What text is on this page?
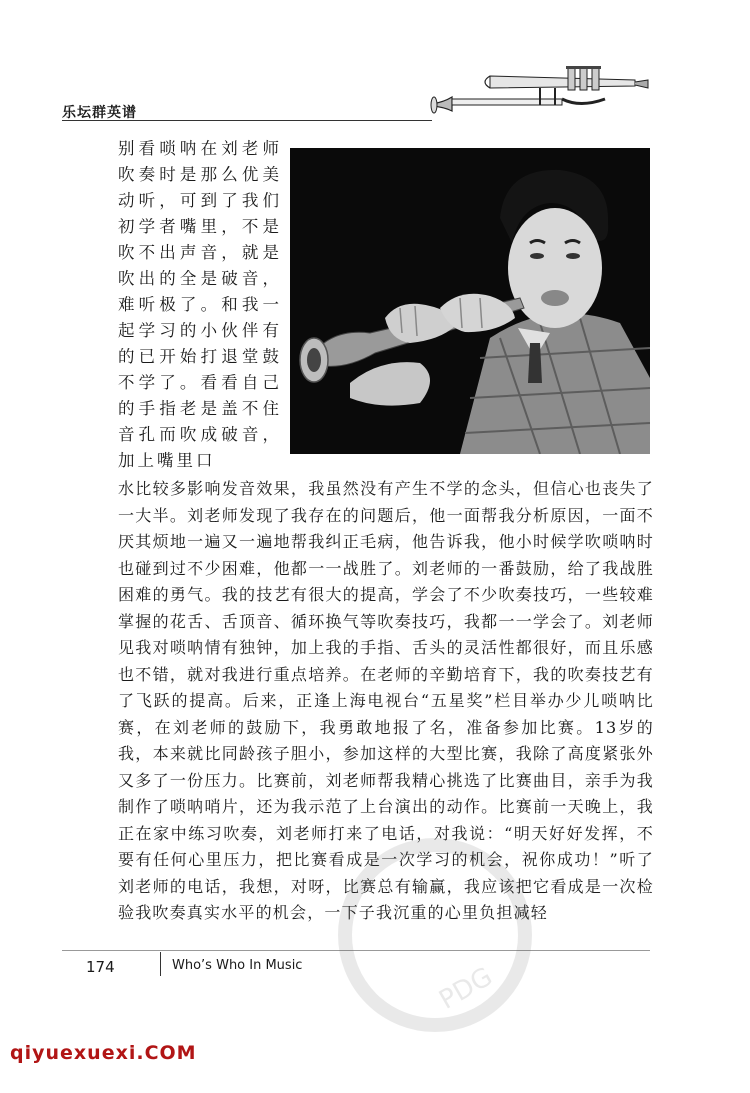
乐坛群英谱

别看唢呐在刘老师吹奏时是那么优美动听，可到了我们初学者嘴里，不是吹不出声音，就是吹出的全是破音，难听极了。和我一起学习的小伙伴有的已开始打退堂鼓不学了。看看自己的手指老是盖不住音孔而吹成破音，加上嘴里口

水比较多影响发音效果，我虽然没有产生不学的念头，但信心也丧失了一大半。刘老师发现了我存在的问题后，他一面帮我分析原因，一面不厌其烦地一遍又一遍地帮我纠正毛病，他告诉我，他小时候学吹唢呐时也碰到过不少困难，他都一一战胜了。刘老师的一番鼓励，给了我战胜困难的勇气。我的技艺有很大的提高，学会了不少吹奏技巧，一些较难掌握的花舌、舌顶音、循环换气等吹奏技巧，我都一一学会了。刘老师见我对唢呐情有独钟，加上我的手指、舌头的灵活性都很好，而且乐感也不错，就对我进行重点培养。在老师的辛勤培育下，我的吹奏技艺有了飞跃的提高。后来，正逢上海电视台“五星奖”栏目举办少儿唢呐比赛，在刘老师的鼓励下，我勇敢地报了名，准备参加比赛。13岁的我，本来就比同龄孩子胆小，参加这样的大型比赛，我除了高度紧张外又多了一份压力。比赛前，刘老师帮我精心挑选了比赛曲目，亲手为我制作了唢呐哨片，还为我示范了上台演出的动作。比赛前一天晚上，我正在家中练习吹奏，刘老师打来了电话，对我说：“明天好好发挥，不要有任何心里压力，把比赛看成是一次学习的机会，祝你成功！”听了刘老师的电话，我想，对呀，比赛总有输赢，我应该把它看成是一次检验我吹奏真实水平的机会，一下子我沉重的心里负担减轻

174	Who’s Who In Music	PDG
qiyuexuexi.COM
